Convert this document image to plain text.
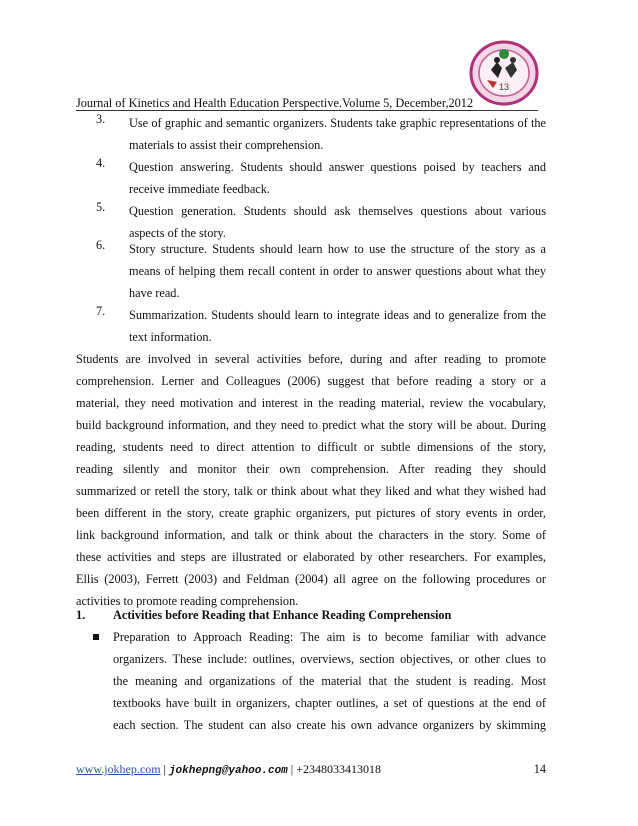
13
Journal of Kinetics and Health Education Perspective.Volume 5, December,2012
3. Use of graphic and semantic organizers. Students take graphic representations of the materials to assist their comprehension.
4. Question answering. Students should answer questions poised by teachers and receive immediate feedback.
5. Question generation. Students should ask themselves questions about various aspects of the story.
6. Story structure. Students should learn how to use the structure of the story as a means of helping them recall content in order to answer questions about what they have read.
7. Summarization. Students should learn to integrate ideas and to generalize from the text information.
Students are involved in several activities before, during and after reading to promote
comprehension. Lerner and Colleagues (2006) suggest that before reading a story or a
material, they need motivation and interest in the reading material, review the vocabulary,
build background information, and they need to predict what the story will be about. During
reading, students need to direct attention to difficult or subtle dimensions of the story,
reading silently and monitor their own comprehension. After reading they should
summarized or retell the story, talk or think about what they liked and what they wished had
been different in the story, create graphic organizers, put pictures of story events in order,
link background information, and talk or think about the characters in the story. Some of
these activities and steps are illustrated or elaborated by other researchers. For examples,
Ellis (2003), Ferrett (2003) and Feldman (2004) all agree on the following procedures or
activities to promote reading comprehension.
1. Activities before Reading that Enhance Reading Comprehension
Preparation to Approach Reading: The aim is to become familiar with advance
organizers. These include: outlines, overviews, section objectives, or other clues to
the meaning and organizations of the material that the student is reading. Most
textbooks have built in organizers, chapter outlines, a set of questions at the end of
each section. The student can also create his own advance organizers by skimming
www.jokhep.com | jokhepng@yahoo.com | +2348033413018	14
